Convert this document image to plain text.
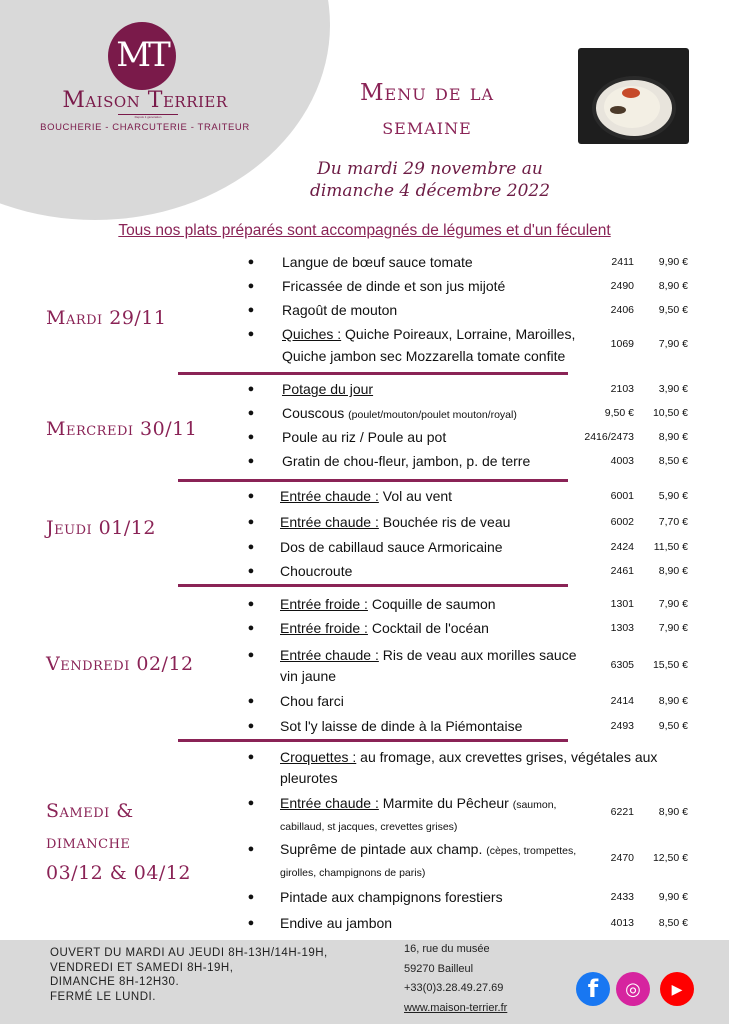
MT
Maison Terrier
Depuis 1 génération
BOUCHERIE - CHARCUTERIE - TRAITEUR
Menu de la
semaine
Du mardi 29 novembre au
dimanche 4 décembre 2022
Tous nos plats préparés sont accompagnés de légumes et d'un féculent
Mardi 29/11
● Langue de bœuf sauce tomate	2411	9,90 €
● Fricassée de dinde et son jus mijoté	2490	8,90 €
● Ragoût de mouton	2406	9,50 €
● Quiches : Quiche Poireaux, Lorraine, Maroilles,
Quiche jambon sec Mozzarella tomate confite
1069	7,90 €
Mercredi 30/11
● Potage du jour	2103	3,90 €
● Couscous (poulet/mouton/poulet mouton/royal)	9,50 €	10,50 €
● Poule au riz / Poule au pot	2416/2473	8,90 €
● Gratin de chou-fleur, jambon, p. de terre	4003	8,50 €
Jeudi 01/12
● Entrée chaude : Vol au vent	6001	5,90 €
● Entrée chaude : Bouchée ris de veau	6002	7,70 €
● Dos de cabillaud sauce Armoricaine	2424	11,50 €
● Choucroute	2461	8,90 €
Vendredi 02/12
● Entrée froide : Coquille de saumon	1301	7,90 €
● Entrée froide : Cocktail de l'océan	1303	7,90 €
● Entrée chaude : Ris de veau aux morilles sauce
vin jaune
6305	15,50 €
● Chou farci	2414	8,90 €
● Sot l'y laisse de dinde à la Piémontaise	2493	9,50 €
Samedi &
dimanche
03/12 & 04/12
● Croquettes : au fromage, aux crevettes grises, végétales aux
pleurotes
● Entrée chaude : Marmite du Pêcheur (saumon,
cabillaud, st jacques, crevettes grises)
6221	8,90 €
● Suprême de pintade aux champ. (cèpes, trompettes,
girolles, champignons de paris)
2470	12,50 €
● Pintade aux champignons forestiers	2433	9,90 €
● Endive au jambon	4013	8,50 €
OUVERT DU MARDI AU JEUDI 8H-13H/14H-19H,
VENDREDI ET SAMEDI 8H-19H,
DIMANCHE 8H-12H30.
FERMÉ LE LUNDI.
16, rue du musée
59270 Bailleul
+33(0)3.28.49.27.69
www.maison-terrier.fr
f	◎	▶
